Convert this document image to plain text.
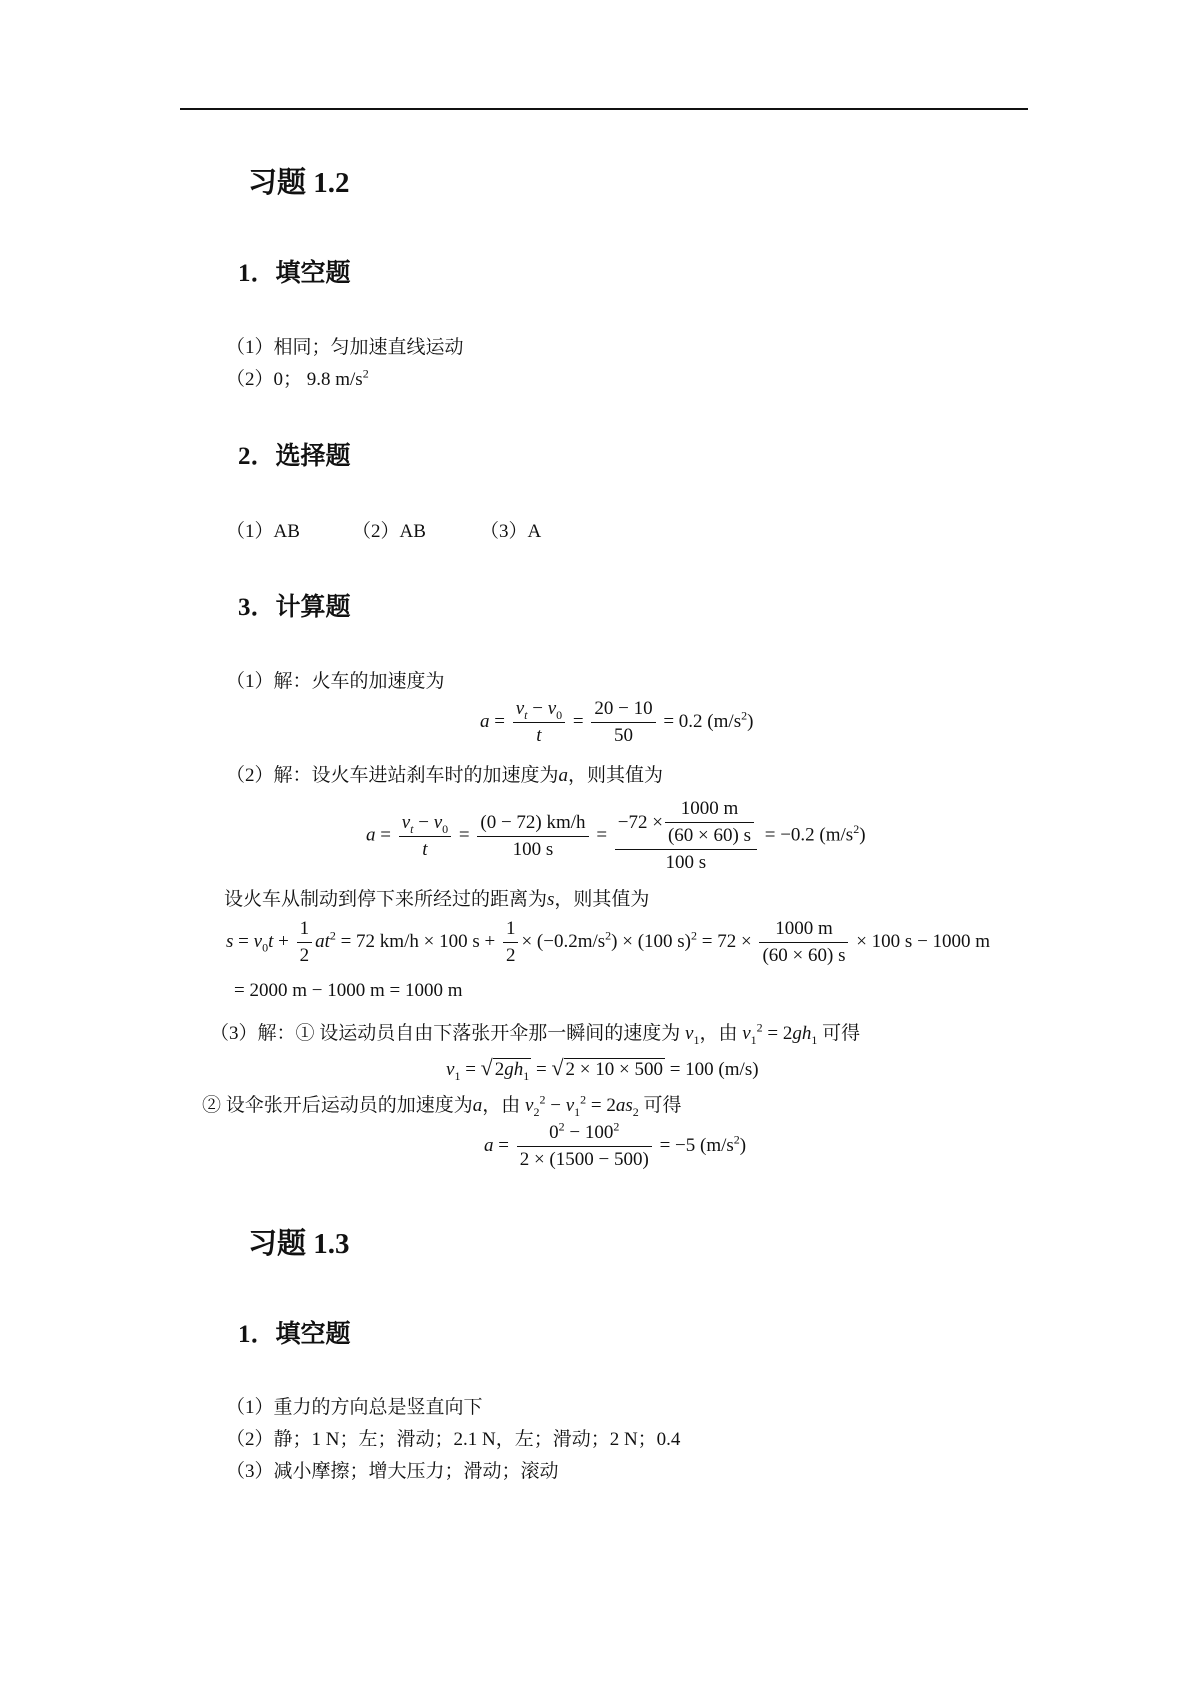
习题 1.2
1．填空题
（1）相同；匀加速直线运动
（2）0； 9.8 $m/s^2$
2．选择题
（1）AB	（2）AB	（3）A
3．计算题
（1）解：火车的加速度为
$a = \frac{v_t - v_0}{t} = \frac{20 - 10}{50} = 0.2$ $(m/s^2)$
（2）解：设火车进站刹车时的加速度为a，则其值为
$a = \frac{v_t - v_0}{t} = \frac{(0 - 72) km/h}{100 s} = \frac{-72 \times \frac{1000 m}{(60 \times 60) s}}{100 s} = -0.2$ $(m/s^2)$
设火车从制动到停下来所经过的距离为s，则其值为
$s = v_0t + \frac{1}{2} at^2 = 72$ km/h × 100 $s + \frac{1}{2} \times (-0.2m/s^2) \times (100$ $s)^2 = 72 \times \frac{1000 m}{(60 \times 60) s} \times 100$ s − 1000 m
= 2000 m − 1000 m = 1000 m
（3）解：① 设运动员自由下落张开伞那一瞬间的速度为 $v_1$，由 $v_1^2 = 2gh_1$ 可得
$v_1$ = √ $2gh_1$ = √ 2 × 10 × 500 = 100 (m/s)
② 设伞张开后运动员的加速度为a，由 $v_2^2 - v_1^2 = 2as_2$ 可得
$a = \frac{0^2 - 100^2}{2 \times (1500 - 500)} = -5$ $(m/s^2)$
习题 1.3
1．填空题
（1）重力的方向总是竖直向下
（2）静；1 N；左；滑动；2.1 N，左；滑动；2 N；0.4
（3）减小摩擦；增大压力；滑动；滚动
